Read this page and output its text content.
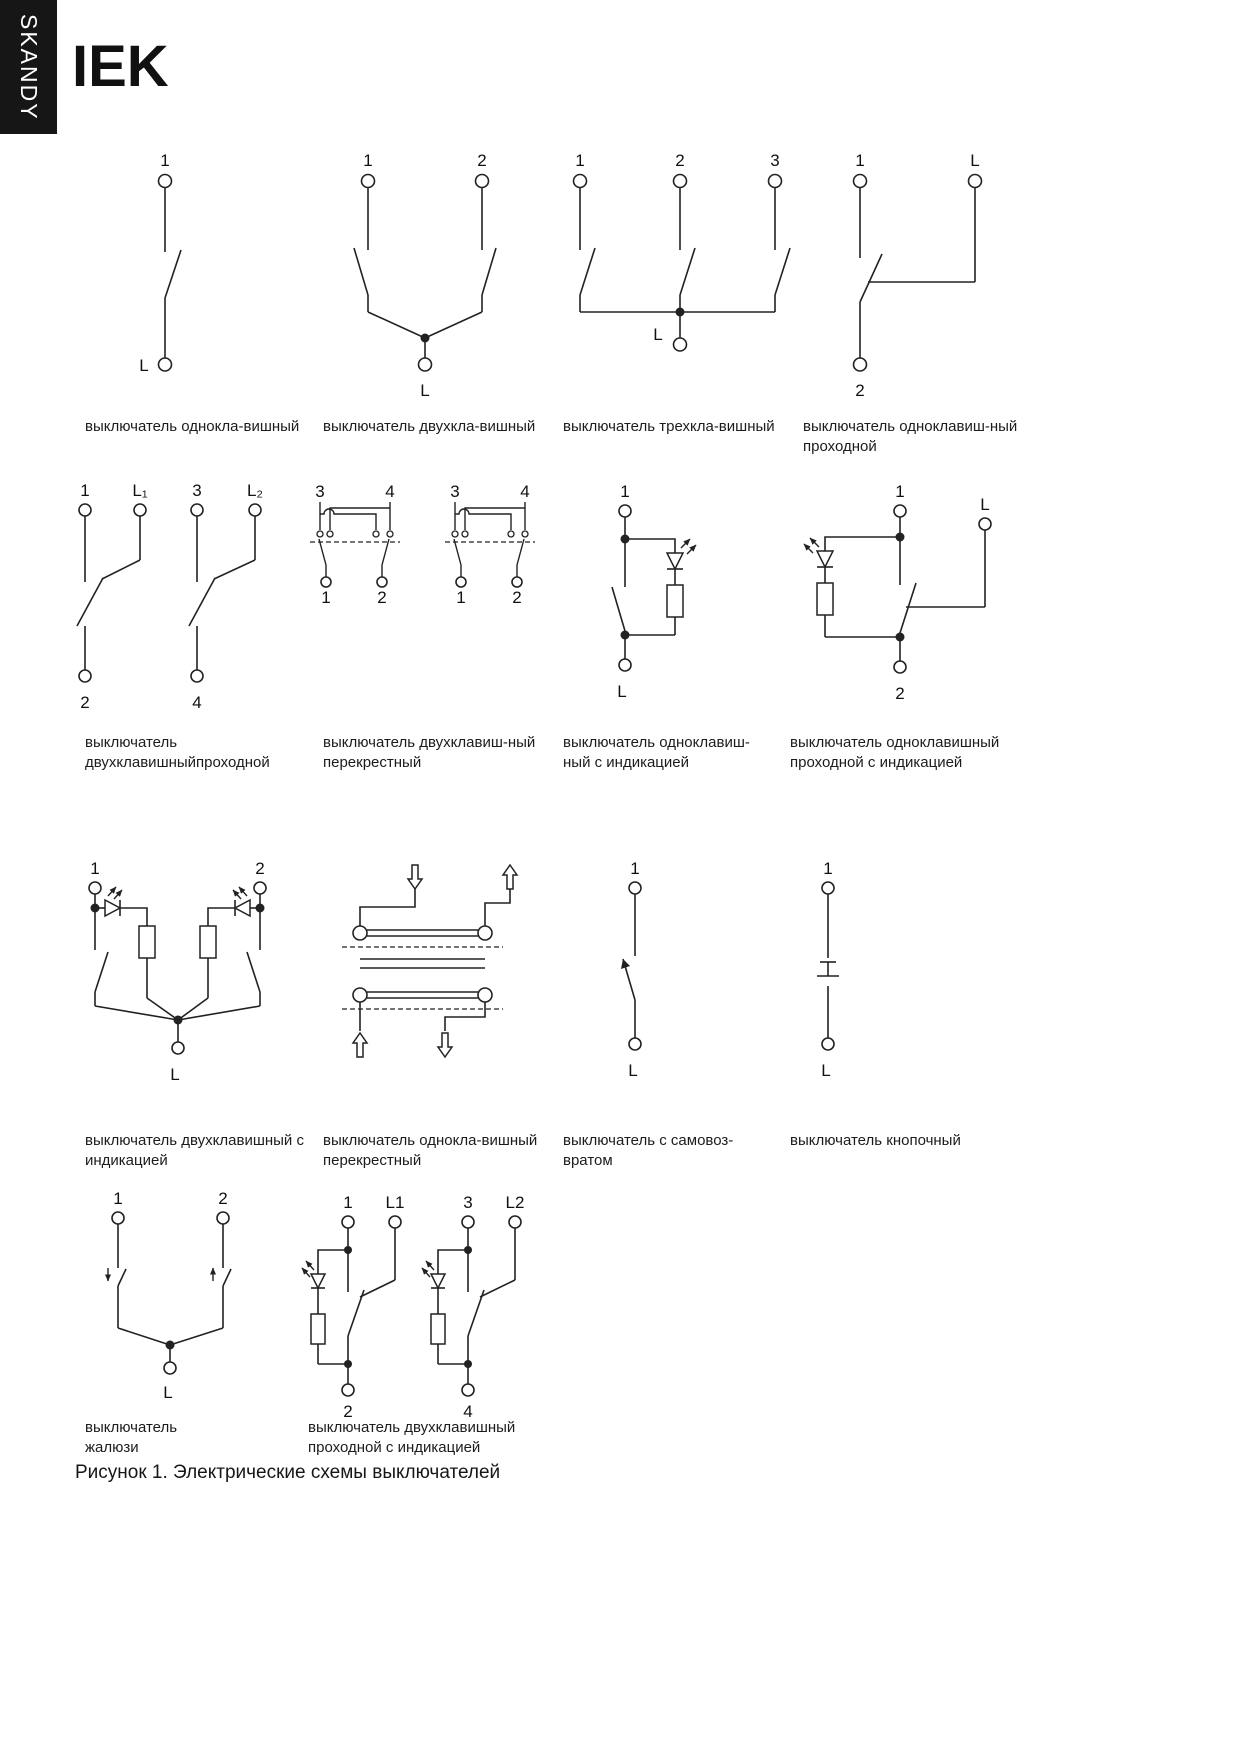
SKANDY IEK
1
L
1	2
L
1	2	3
L
1	L
2
1
2
L₁	3
4
L₂	3	4
1	2
3	4
1	2
1
L
1
L
2
1	2
L
1
L
1
L
1	2
L
1 L1
2
3 L2
4
выключатель однокла-вишный	выключатель двухкла-вишный	выключатель трехкла-вишный	выключатель одноклавиш-ный
проходной
выключатель
двухклавишныйпроходной
выключатель двухклавиш-ный
перекрестный
выключатель одноклавиш-
ный с индикацией
выключатель одноклавишный
проходной с индикацией
выключатель двухклавишный с
индикацией
выключатель однокла-вишный
перекрестный
выключатель с самовоз-
вратом
выключатель кнопочный
выключатель
жалюзи
выключатель двухклавишный
проходной с индикацией
Рисунок 1. Электрические схемы выключателей
